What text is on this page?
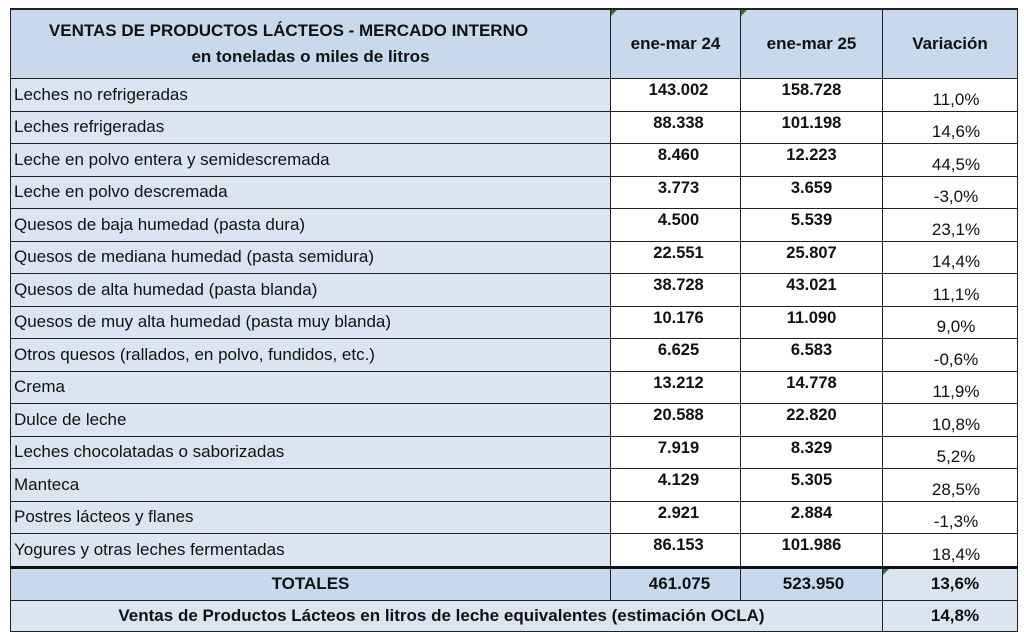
VENTAS DE PRODUCTOS LÁCTEOS - MERCADO INTERNO
en toneladas o miles de litros	ene-mar 24	ene-mar 25	Variación
Leches no refrigeradas	143.002	158.728	11,0%
Leches refrigeradas	88.338	101.198	14,6%
Leche en polvo entera y semidescremada	8.460	12.223	44,5%
Leche en polvo descremada	3.773	3.659	-3,0%
Quesos de baja humedad (pasta dura)	4.500	5.539	23,1%
Quesos de mediana humedad (pasta semidura)	22.551	25.807	14,4%
Quesos de alta humedad (pasta blanda)	38.728	43.021	11,1%
Quesos de muy alta humedad (pasta muy blanda)	10.176	11.090	9,0%
Otros quesos (rallados, en polvo, fundidos, etc.)	6.625	6.583	-0,6%
Crema	13.212	14.778	11,9%
Dulce de leche	20.588	22.820	10,8%
Leches chocolatadas o saborizadas	7.919	8.329	5,2%
Manteca	4.129	5.305	28,5%
Postres lácteos y flanes	2.921	2.884	-1,3%
Yogures y otras leches fermentadas	86.153	101.986	18,4%
TOTALES	461.075	523.950	13,6%
Ventas de Productos Lácteos en litros de leche equivalentes (estimación OCLA)			14,8%
